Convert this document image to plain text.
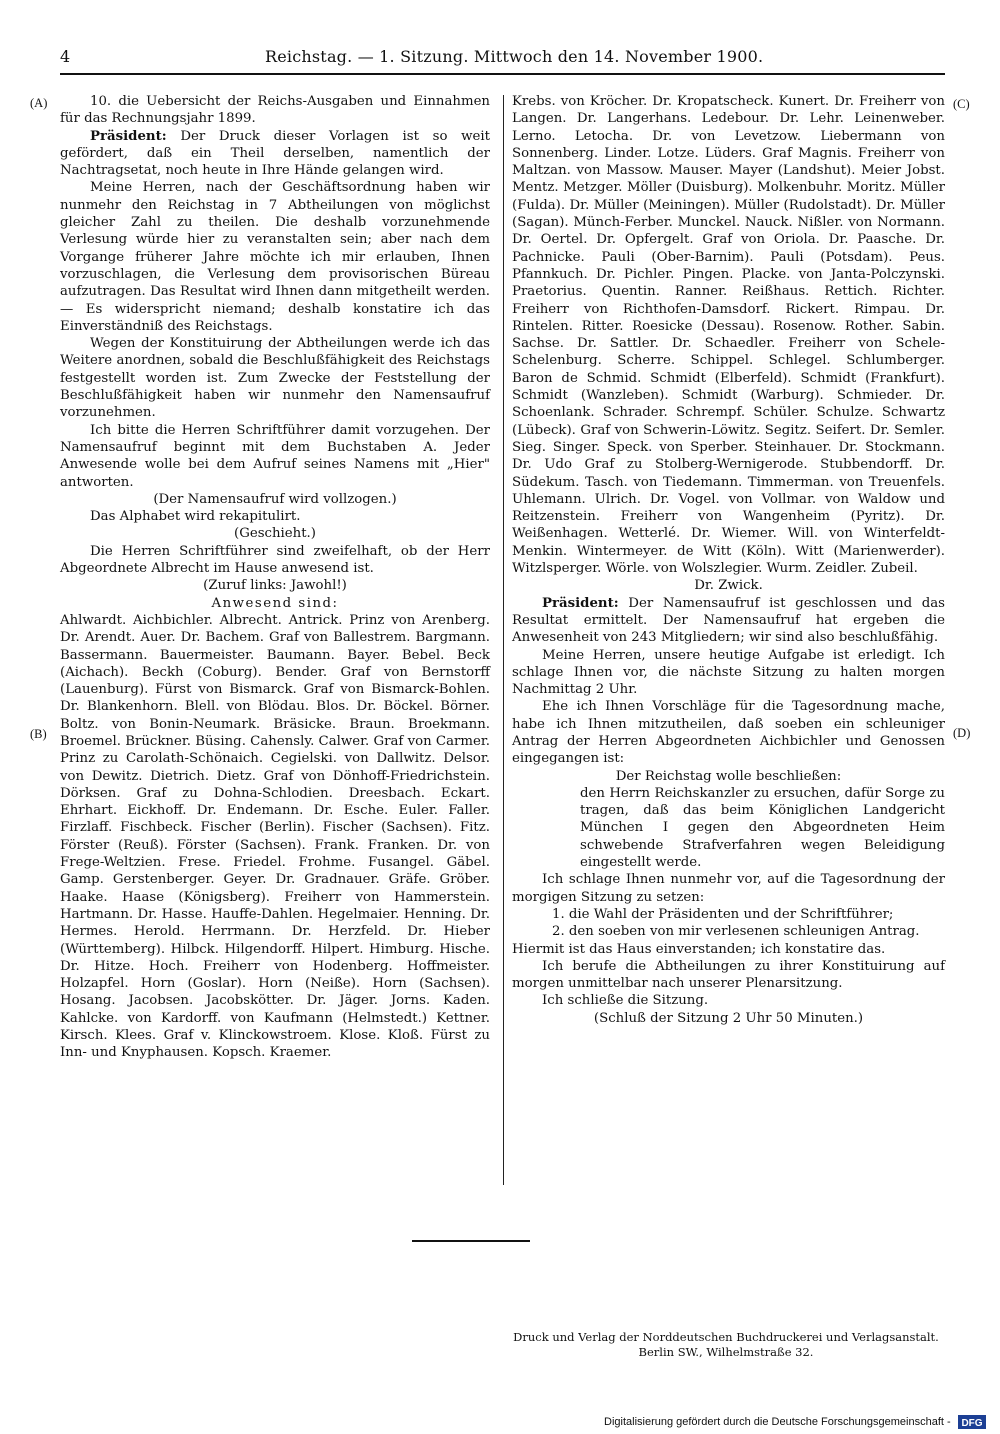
4	Reichstag. — 1. Sitzung. Mittwoch den 14. November 1900.
(A)
(B)
(C)
(D)

10. die Uebersicht der Reichs-Ausgaben und Einnahmen für das Rechnungsjahr 1899.

Präsident: Der Druck dieser Vorlagen ist so weit gefördert, daß ein Theil derselben, namentlich der Nachtragsetat, noch heute in Ihre Hände gelangen wird.

Meine Herren, nach der Geschäftsordnung haben wir nunmehr den Reichstag in 7 Abtheilungen von möglichst gleicher Zahl zu theilen. Die deshalb vorzunehmende Verlesung würde hier zu veranstalten sein; aber nach dem Vorgange früherer Jahre möchte ich mir erlauben, Ihnen vorzuschlagen, die Verlesung dem provisorischen Büreau aufzutragen. Das Resultat wird Ihnen dann mitgetheilt werden. — Es widerspricht niemand; deshalb konstatire ich das Einverständniß des Reichstags.

Wegen der Konstituirung der Abtheilungen werde ich das Weitere anordnen, sobald die Beschlußfähigkeit des Reichstags festgestellt worden ist. Zum Zwecke der Feststellung der Beschlußfähigkeit haben wir nunmehr den Namensaufruf vorzunehmen.

Ich bitte die Herren Schriftführer damit vorzugehen. Der Namensaufruf beginnt mit dem Buchstaben A. Jeder Anwesende wolle bei dem Aufruf seines Namens mit „Hier" antworten.

(Der Namensaufruf wird vollzogen.)

Das Alphabet wird rekapitulirt.

(Geschieht.)

Die Herren Schriftführer sind zweifelhaft, ob der Herr Abgeordnete Albrecht im Hause anwesend ist.

(Zuruf links: Jawohl!)

Anwesend sind:

Ahlwardt. Aichbichler. Albrecht. Antrick. Prinz von Arenberg. Dr. Arendt. Auer. Dr. Bachem. Graf von Ballestrem. Bargmann. Bassermann. Bauermeister. Baumann. Bayer. Bebel. Beck (Aichach). Beckh (Coburg). Bender. Graf von Bernstorff (Lauenburg). Fürst von Bismarck. Graf von Bismarck-Bohlen. Dr. Blankenhorn. Blell. von Blödau. Blos. Dr. Böckel. Börner. Boltz. von Bonin-Neumark. Bräsicke. Braun. Broekmann. Broemel. Brückner. Büsing. Cahensly. Calwer. Graf von Carmer. Prinz zu Carolath-Schönaich. Cegielski. von Dallwitz. Delsor. von Dewitz. Dietrich. Dietz. Graf von Dönhoff-Friedrichstein. Dörksen. Graf zu Dohna-Schlodien. Dreesbach. Eckart. Ehrhart. Eickhoff. Dr. Endemann. Dr. Esche. Euler. Faller. Firzlaff. Fischbeck. Fischer (Berlin). Fischer (Sachsen). Fitz. Förster (Reuß). Förster (Sachsen). Frank. Franken. Dr. von Frege-Weltzien. Frese. Friedel. Frohme. Fusangel. Gäbel. Gamp. Gerstenberger. Geyer. Dr. Gradnauer. Gräfe. Gröber. Haake. Haase (Königsberg). Freiherr von Hammerstein. Hartmann. Dr. Hasse. Hauffe-Dahlen. Hegelmaier. Henning. Dr. Hermes. Herold. Herrmann. Dr. Herzfeld. Dr. Hieber (Württemberg). Hilbck. Hilgendorff. Hilpert. Himburg. Hische. Dr. Hitze. Hoch. Freiherr von Hodenberg. Hoffmeister. Holzapfel. Horn (Goslar). Horn (Neiße). Horn (Sachsen). Hosang. Jacobsen. Jacobskötter. Dr. Jäger. Jorns. Kaden. Kahlcke. von Kardorff. von Kaufmann (Helmstedt.) Kettner. Kirsch. Klees. Graf v. Klinckowstroem. Klose. Kloß. Fürst zu Inn- und Knyphausen. Kopsch. Kraemer.

Krebs. von Kröcher. Dr. Kropatscheck. Kunert. Dr. Freiherr von Langen. Dr. Langerhans. Ledebour. Dr. Lehr. Leinenweber. Lerno. Letocha. Dr. von Levetzow. Liebermann von Sonnenberg. Linder. Lotze. Lüders. Graf Magnis. Freiherr von Maltzan. von Massow. Mauser. Mayer (Landshut). Meier Jobst. Mentz. Metzger. Möller (Duisburg). Molkenbuhr. Moritz. Müller (Fulda). Dr. Müller (Meiningen). Müller (Rudolstadt). Dr. Müller (Sagan). Münch-Ferber. Munckel. Nauck. Nißler. von Normann. Dr. Oertel. Dr. Opfergelt. Graf von Oriola. Dr. Paasche. Dr. Pachnicke. Pauli (Ober-Barnim). Pauli (Potsdam). Peus. Pfannkuch. Dr. Pichler. Pingen. Placke. von Janta-Polczynski. Praetorius. Quentin. Ranner. Reißhaus. Rettich. Richter. Freiherr von Richthofen-Damsdorf. Rickert. Rimpau. Dr. Rintelen. Ritter. Roesicke (Dessau). Rosenow. Rother. Sabin. Sachse. Dr. Sattler. Dr. Schaedler. Freiherr von Schele-Schelenburg. Scherre. Schippel. Schlegel. Schlumberger. Baron de Schmid. Schmidt (Elberfeld). Schmidt (Frankfurt). Schmidt (Wanzleben). Schmidt (Warburg). Schmieder. Dr. Schoenlank. Schrader. Schrempf. Schüler. Schulze. Schwartz (Lübeck). Graf von Schwerin-Löwitz. Segitz. Seifert. Dr. Semler. Sieg. Singer. Speck. von Sperber. Steinhauer. Dr. Stockmann. Dr. Udo Graf zu Stolberg-Wernigerode. Stubbendorff. Dr. Südekum. Tasch. von Tiedemann. Timmerman. von Treuenfels. Uhlemann. Ulrich. Dr. Vogel. von Vollmar. von Waldow und Reitzenstein. Freiherr von Wangenheim (Pyritz). Dr. Weißenhagen. Wetterlé. Dr. Wiemer. Will. von Winterfeldt-Menkin. Wintermeyer. de Witt (Köln). Witt (Marienwerder). Witzlsperger. Wörle. von Wolszlegier. Wurm. Zeidler. Zubeil.

Dr. Zwick.

Präsident: Der Namensaufruf ist geschlossen und das Resultat ermittelt. Der Namensaufruf hat ergeben die Anwesenheit von 243 Mitgliedern; wir sind also beschlußfähig.

Meine Herren, unsere heutige Aufgabe ist erledigt. Ich schlage Ihnen vor, die nächste Sitzung zu halten morgen Nachmittag 2 Uhr.

Ehe ich Ihnen Vorschläge für die Tagesordnung mache, habe ich Ihnen mitzutheilen, daß soeben ein schleuniger Antrag der Herren Abgeordneten Aichbichler und Genossen eingegangen ist:

Der Reichstag wolle beschließen:

den Herrn Reichskanzler zu ersuchen, dafür Sorge zu tragen, daß das beim Königlichen Landgericht München I gegen den Abgeordneten Heim schwebende Strafverfahren wegen Beleidigung eingestellt werde.

Ich schlage Ihnen nunmehr vor, auf die Tagesordnung der morgigen Sitzung zu setzen:

1. die Wahl der Präsidenten und der Schriftführer;

2. den soeben von mir verlesenen schleunigen Antrag.

Hiermit ist das Haus einverstanden; ich konstatire das.

Ich berufe die Abtheilungen zu ihrer Konstituirung auf morgen unmittelbar nach unserer Plenarsitzung.

Ich schließe die Sitzung.

(Schluß der Sitzung 2 Uhr 50 Minuten.)

Druck und Verlag der Norddeutschen Buchdruckerei und Verlagsanstalt.
Berlin SW., Wilhelmstraße 32.
Digitalisierung gefördert durch die Deutsche Forschungsgemeinschaft - DFG
